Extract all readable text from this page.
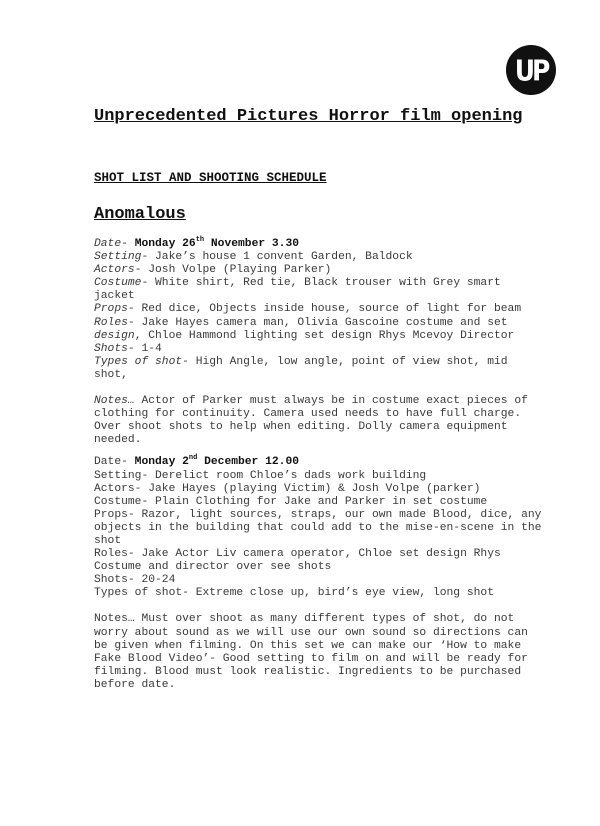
UP
Unprecedented Pictures Horror film opening
SHOT LIST AND SHOOTING SCHEDULE
Anomalous
Date- Monday 26th November 3.30
Setting- Jake’s house 1 convent Garden, Baldock
Actors- Josh Volpe (Playing Parker)
Costume- White shirt, Red tie, Black trouser with Grey smart jacket
Props- Red dice, Objects inside house, source of light for beam
Roles- Jake Hayes camera man, Olivia Gascoine costume and set design, Chloe Hammond lighting set design Rhys Mcevoy Director
Shots- 1-4
Types of shot- High Angle, low angle, point of view shot, mid shot,
Notes… Actor of Parker must always be in costume exact pieces of clothing for continuity. Camera used needs to have full charge. Over shoot shots to help when editing. Dolly camera equipment needed.
Date- Monday 2nd December 12.00
Setting- Derelict room Chloe’s dads work building
Actors- Jake Hayes (playing Victim) & Josh Volpe (parker)
Costume- Plain Clothing for Jake and Parker in set costume
Props- Razor, light sources, straps, our own made Blood, dice, any objects in the building that could add to the mise-en-scene in the shot
Roles- Jake Actor Liv camera operator, Chloe set design Rhys Costume and director over see shots
Shots- 20-24
Types of shot- Extreme close up, bird’s eye view, long shot
Notes… Must over shoot as many different types of shot, do not worry about sound as we will use our own sound so directions can be given when filming. On this set we can make our ‘How to make Fake Blood Video’- Good setting to film on and will be ready for filming. Blood must look realistic. Ingredients to be purchased before date.
